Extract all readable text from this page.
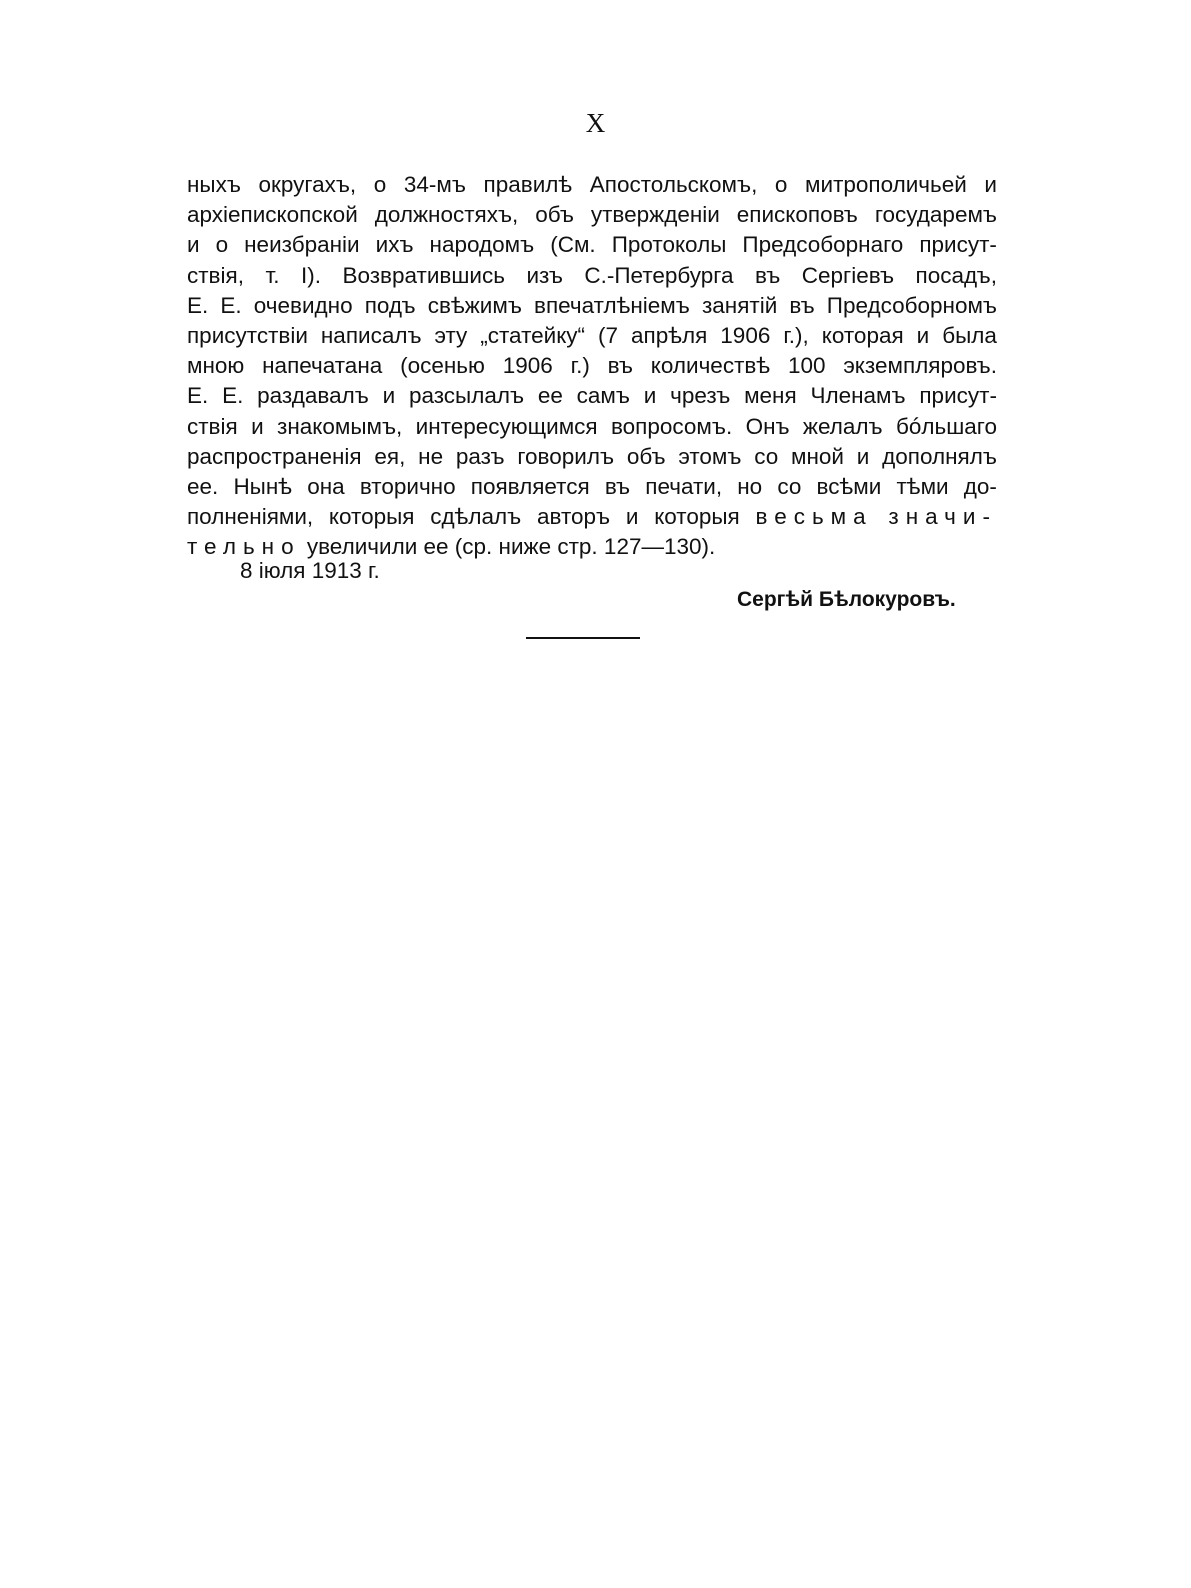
X
ныхъ округахъ, о 34-мъ правилѣ Апостольскомъ, о митрополичьей и
архіепископской должностяхъ, объ утвержденіи епископовъ государемъ
и о неизбраніи ихъ народомъ (См. Протоколы Предсоборнаго присут-
ствія, т. I). Возвратившись изъ С.-Петербурга въ Сергіевъ посадъ,
Е. Е. очевидно подъ свѣжимъ впечатлѣніемъ занятій въ Предсоборномъ
присутствіи написалъ эту „статейку“ (7 апрѣля 1906 г.), которая и была
мною напечатана (осенью 1906 г.) въ количествѣ 100 экземпляровъ.
Е. Е. раздавалъ и разсылалъ ее самъ и чрезъ меня Членамъ присут-
ствія и знакомымъ, интересующимся вопросомъ. Онъ желалъ бóльшаго
распространенія ея, не разъ говорилъ объ этомъ со мной и дополнялъ
ее. Нынѣ она вторично появляется въ печати, но со всѣми тѣми до-
полненіями, которыя сдѣлалъ авторъ и которыя весьма значи-
тельно увеличили ее (ср. ниже стр. 127—130).
8 іюля 1913 г.
Сергѣй Бѣлокуровъ.
